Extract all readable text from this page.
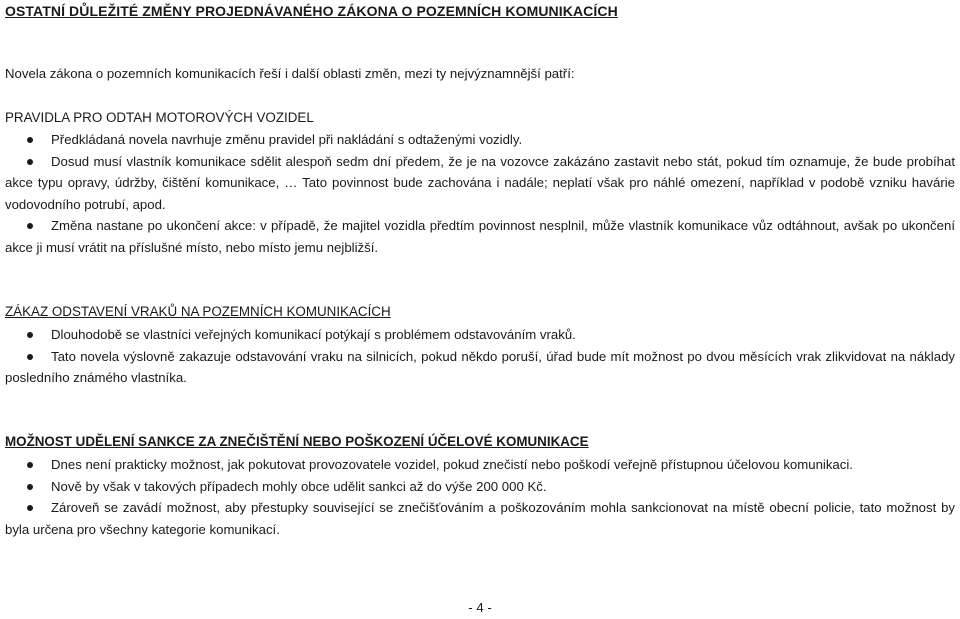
OSTATNÍ DŮLEŽITÉ ZMĚNY PROJEDNÁVANÉHO ZÁKONA O POZEMNÍCH KOMUNIKACÍCH
Novela zákona o pozemních komunikacích řeší i další oblasti změn, mezi ty nejvýznamnější patří:
PRAVIDLA PRO ODTAH MOTOROVÝCH VOZIDEL
Předkládaná novela navrhuje změnu pravidel při nakládání s odtaženými vozidly.
Dosud musí vlastník komunikace sdělit alespoň sedm dní předem, že je na vozovce zakázáno zastavit nebo stát, pokud tím oznamuje, že bude probíhat akce typu opravy, údržby, čištění komunikace, … Tato povinnost bude zachována i nadále; neplatí však pro náhlé omezení, například v podobě vzniku havárie vodovodního potrubí, apod.
Změna nastane po ukončení akce: v případě, že majitel vozidla předtím povinnost nesplnil, může vlastník komunikace vůz odtáhnout, avšak po ukončení akce ji musí vrátit na příslušné místo, nebo místo jemu nejbližší.
ZÁKAZ ODSTAVENÍ VRAKŮ NA POZEMNÍCH KOMUNIKACÍCH
Dlouhodobě se vlastníci veřejných komunikací potýkají s problémem odstavováním vraků.
Tato novela výslovně zakazuje odstavování vraku na silnicích, pokud někdo poruší, úřad bude mít možnost po dvou měsících vrak zlikvidovat na náklady posledního známého vlastníka.
MOŽNOST UDĚLENÍ SANKCE ZA ZNEČIŠTĚNÍ NEBO POŠKOZENÍ ÚČELOVÉ KOMUNIKACE
Dnes není prakticky možnost, jak pokutovat provozovatele vozidel, pokud znečistí nebo poškodí veřejně přístupnou účelovou komunikaci.
Nově by však v takových případech mohly obce udělit sankci až do výše 200 000 Kč.
Zároveň se zavádí možnost, aby přestupky související se znečišťováním a poškozováním mohla sankcionovat na místě obecní policie, tato možnost by byla určena pro všechny kategorie komunikací.
- 4 -
